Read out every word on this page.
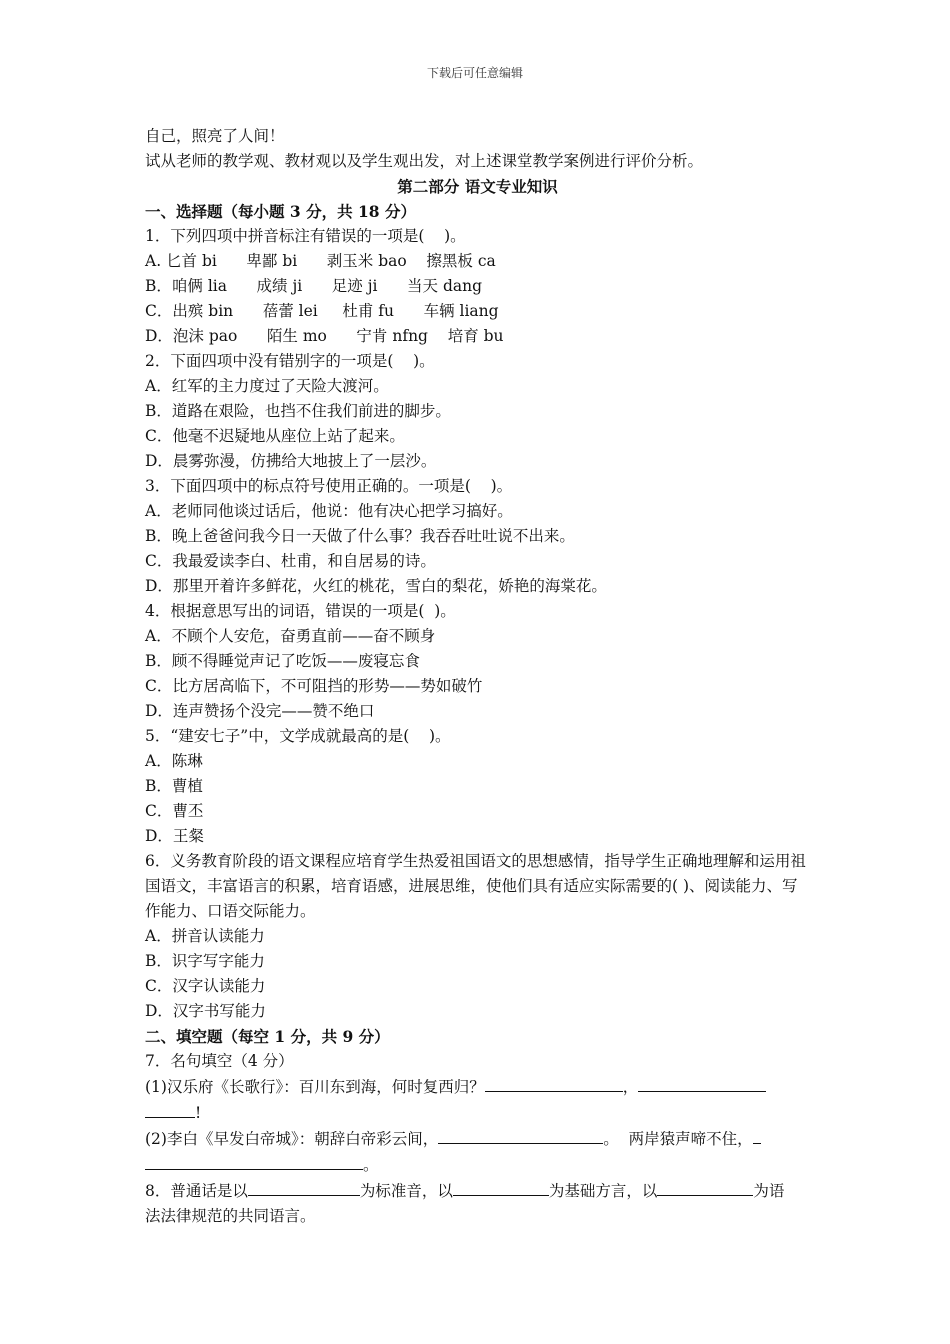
下载后可任意编辑
自己，照亮了人间！
试从老师的教学观、教材观以及学生观出发，对上述课堂教学案例进行评价分析。
第二部分 语文专业知识
一、选择题（每小题 3 分，共 18 分）
1．下列四项中拼音标注有错误的一项是(    )。
A. 匕首 bi      卑鄙 bi      剥玉米 bao    擦黑板 ca
B．咱俩 lia      成绩 ji      足迹 ji      当天 dang
C．出殡 bin      蓓蕾 lei     杜甫 fu      车辆 liang
D．泡沫 pao      陌生 mo      宁肯 nfng    培育 bu
2．下面四项中没有错别字的一项是(    )。
A．红军的主力度过了天险大渡河。
B．道路在艰险，也挡不住我们前进的脚步。
C．他毫不迟疑地从座位上站了起来。
D．晨雾弥漫，仿拂给大地披上了一层沙。
3．下面四项中的标点符号使用正确的。一项是(    )。
A．老师同他谈过话后，他说：他有决心把学习搞好。
B．晚上爸爸问我今日一天做了什么事？我吞吞吐吐说不出来。
C．我最爱读李白、杜甫，和自居易的诗。
D．那里开着许多鲜花，火红的桃花，雪白的梨花，娇艳的海棠花。
4．根据意思写出的词语，错误的一项是(  )。
A．不顾个人安危，奋勇直前——奋不顾身
B．顾不得睡觉声记了吃饭——废寝忘食
C．比方居高临下，不可阻挡的形势——势如破竹
D．连声赞扬个没完——赞不绝口
5．“建安七子”中，文学成就最高的是(    )。
A．陈琳
B．曹植
C．曹丕
D．王粲
6．义务教育阶段的语文课程应培育学生热爱祖国语文的思想感情，指导学生正确地理解和运用祖国语文，丰富语言的积累，培育语感，进展思维，使他们具有适应实际需要的( )、阅读能力、写作能力、口语交际能力。
A．拼音认读能力
B．识字写字能力
C．汉字认读能力
D．汉字书写能力
二、填空题（每空 1 分，共 9 分）
7．名句填空（4 分）
(1)汉乐府《长歌行》：百川东到海，何时复西归？	，
!
(2)李白《早发白帝城》：朝辞白帝彩云间，	。  两岸猿声啼不住，
。
8．普通话是以	为标准音，以	为基础方言，以	为语
法法律规范的共同语言。
